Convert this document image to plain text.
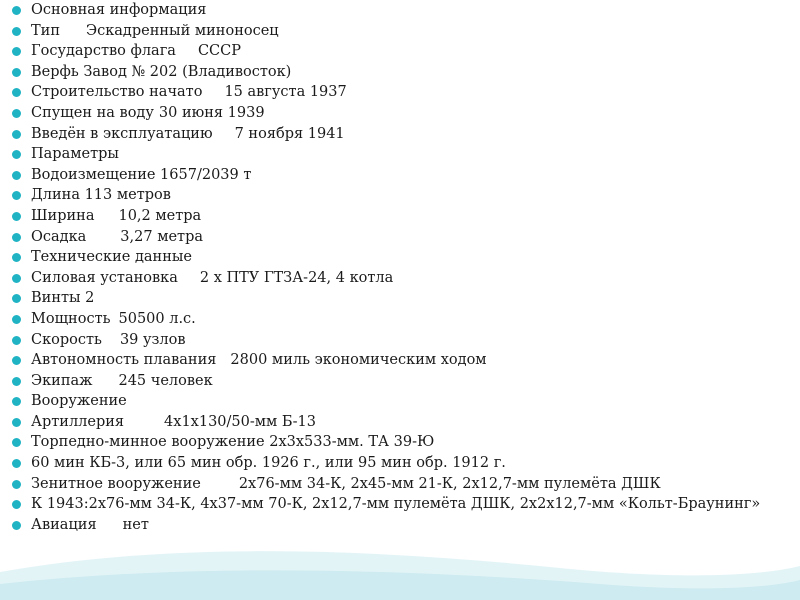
Основная информация
Тип Эскадренный миноносец
Государство флага СССР
Верфь Завод № 202 (Владивосток)
Строительство начато 15 августа 1937
Спущен на воду 30 июня 1939
Введён в эксплуатацию 7 ноября 1941
Параметры
Водоизмещение 1657/2039 т
Длина 113 метров
Ширина 10,2 метра
Осадка 3,27 метра
Технические данные
Силовая установка 2 х ПТУ ГТЗА-24, 4 котла
Винты 2
Мощность 50500 л.с.
Скорость 39 узлов
Автономность плавания 2800 миль экономическим ходом
Экипаж 245 человек
Вооружение
Артиллерия	4х1х130/50-мм Б-13
Торпедно-минное вооружение 2х3х533-мм. ТА 39-Ю
60 мин КБ-3, или 65 мин обр. 1926 г., или 95 мин обр. 1912 г.
Зенитное вооружение	2х76-мм 34-К, 2х45-мм 21-К, 2х12,7-мм пулемёта ДШК
К 1943:2х76-мм 34-К, 4х37-мм 70-К, 2х12,7-мм пулемёта ДШК, 2х2х12,7-мм «Кольт-Браунинг»
Авиация нет
